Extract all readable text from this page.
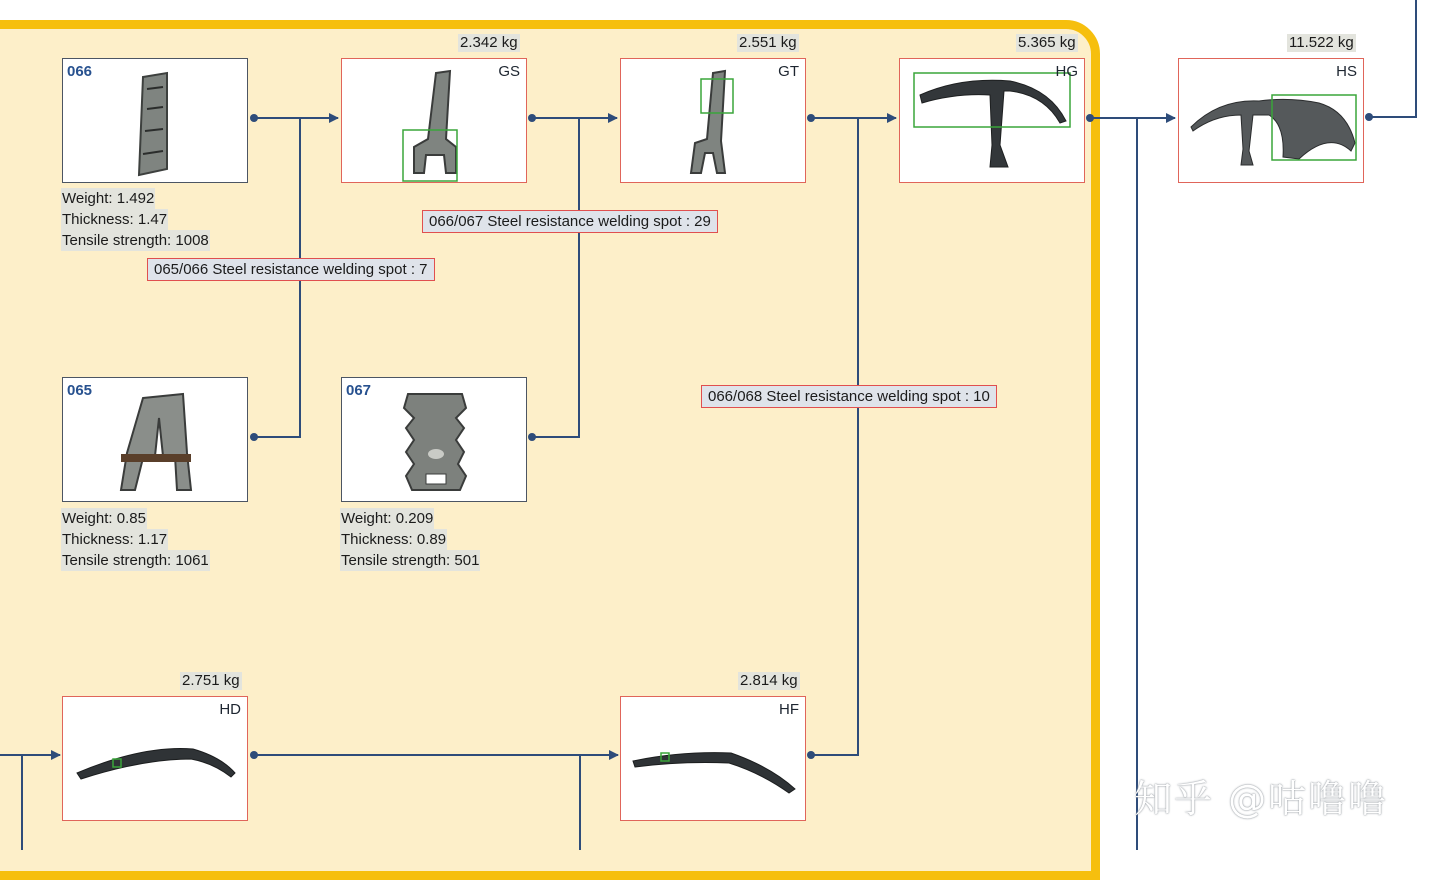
066
Weight: 1.492
Thickness: 1.47
Tensile strength: 1008
065
Weight: 0.85
Thickness: 1.17
Tensile strength: 1061
067
Weight: 0.209
Thickness: 0.89
Tensile strength: 501
2.342 kg
GS
2.551 kg
GT
5.365 kg
HG
11.522 kg
HS
2.751 kg
HD
2.814 kg
HF
065/066 Steel resistance welding spot : 7
066/067 Steel resistance welding spot : 29
066/068 Steel resistance welding spot : 10
知乎 @咕噜噜
